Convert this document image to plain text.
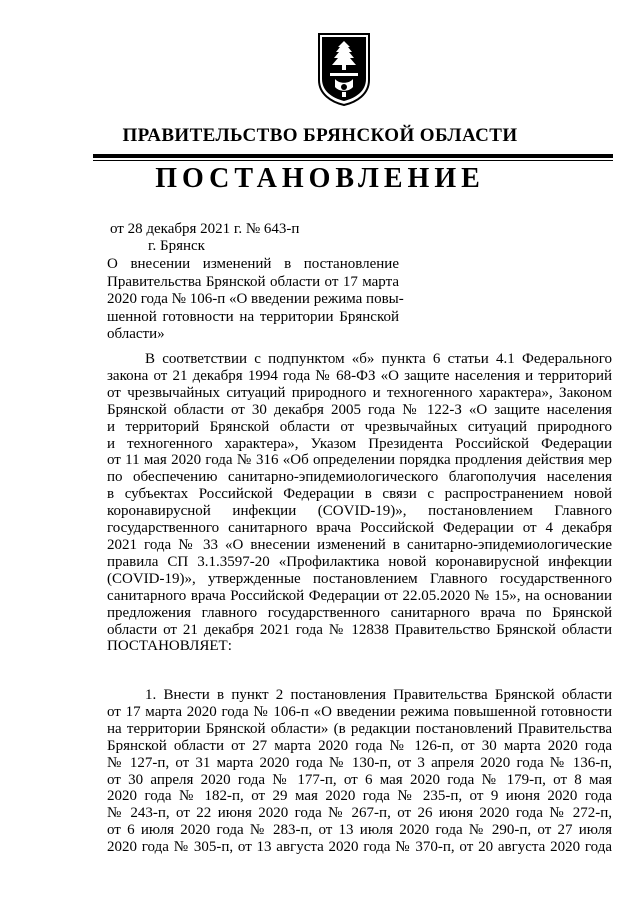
ПРАВИТЕЛЬСТВО БРЯНСКОЙ ОБЛАСТИ
ПОСТАНОВЛЕНИЕ
от 28 декабря 2021 г. № 643-п
г. Брянск
О внесении изменений в постановление
Правительства Брянской области от 17 марта
2020 года № 106-п «О введении режима повы-
шенной готовности на территории Брянской
области»
В соответствии с подпунктом «б» пункта 6 статьи 4.1 Федерального
закона от 21 декабря 1994 года № 68-ФЗ «О защите населения и территорий
от чрезвычайных ситуаций природного и техногенного характера», Законом
Брянской области от 30 декабря 2005 года № 122-З «О защите населения
и территорий Брянской области от чрезвычайных ситуаций природного
и техногенного характера», Указом Президента Российской Федерации
от 11 мая 2020 года № 316 «Об определении порядка продления действия мер
по обеспечению санитарно-эпидемиологического благополучия населения
в субъектах Российской Федерации в связи с распространением новой
коронавирусной инфекции (COVID-19)», постановлением Главного
государственного санитарного врача Российской Федерации от 4 декабря
2021 года № 33 «О внесении изменений в санитарно-эпидемиологические
правила СП 3.1.3597-20 «Профилактика новой коронавирусной инфекции
(COVID-19)», утвержденные постановлением Главного государственного
санитарного врача Российской Федерации от 22.05.2020 № 15», на основании
предложения главного государственного санитарного врача по Брянской
области от 21 декабря 2021 года № 12838 Правительство Брянской области
ПОСТАНОВЛЯЕТ:
1. Внести в пункт 2 постановления Правительства Брянской области
от 17 марта 2020 года № 106-п «О введении режима повышенной готовности
на территории Брянской области» (в редакции постановлений Правительства
Брянской области от 27 марта 2020 года № 126-п, от 30 марта 2020 года
№ 127-п, от 31 марта 2020 года № 130-п, от 3 апреля 2020 года № 136-п,
от 30 апреля 2020 года № 177-п, от 6 мая 2020 года № 179-п, от 8 мая
2020 года № 182-п, от 29 мая 2020 года № 235-п, от 9 июня 2020 года
№ 243-п, от 22 июня 2020 года № 267-п, от 26 июня 2020 года № 272-п,
от 6 июля 2020 года № 283-п, от 13 июля 2020 года № 290-п, от 27 июля
2020 года № 305-п, от 13 августа 2020 года № 370-п, от 20 августа 2020 года
